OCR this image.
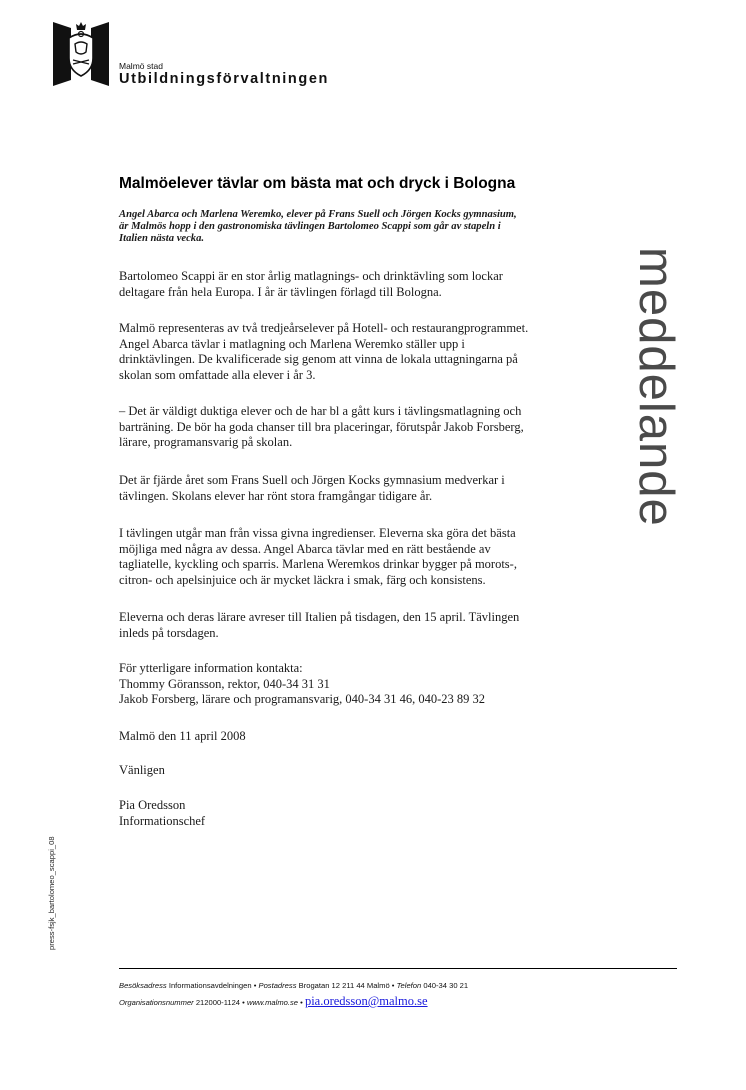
Malmö stad
Utbildningsförvaltningen
Malmöelever tävlar om bästa mat och dryck i Bologna
Angel Abarca och Marlena Weremko, elever på Frans Suell och Jörgen Kocks gymnasium,
är Malmös hopp i den gastronomiska tävlingen Bartolomeo Scappi som går av stapeln i
Italien nästa vecka.
Bartolomeo Scappi är en stor årlig matlagnings- och drinktävling som lockar
deltagare från hela Europa. I år är tävlingen förlagd till Bologna.
Malmö representeras av två tredjeårselever på Hotell- och restaurangprogrammet.
Angel Abarca tävlar i matlagning och Marlena Weremko ställer upp i
drinktävlingen. De kvalificerade sig genom att vinna de lokala uttagningarna på
skolan som omfattade alla elever i år 3.
– Det är väldigt duktiga elever och de har bl a gått kurs i tävlingsmatlagning och
barträning. De bör ha goda chanser till bra placeringar, förutspår Jakob Forsberg,
lärare, programansvarig på skolan.
Det är fjärde året som Frans Suell och Jörgen Kocks gymnasium medverkar i
tävlingen. Skolans elever har rönt stora framgångar tidigare år.
I tävlingen utgår man från vissa givna ingredienser. Eleverna ska göra det bästa
möjliga med några av dessa. Angel Abarca tävlar med en rätt bestående av
tagliatelle, kyckling och sparris. Marlena Weremkos drinkar bygger på morots-,
citron- och apelsinjuice och är mycket läckra i smak, färg och konsistens.
Eleverna och deras lärare avreser till Italien på tisdagen, den 15 april. Tävlingen
inleds på torsdagen.
För ytterligare information kontakta:
Thommy Göransson, rektor, 040-34 31 31
Jakob Forsberg, lärare och programansvarig, 040-34 31 46, 040-23 89 32
Malmö den 11 april 2008
Vänligen
Pia Oredsson
Informationschef
meddelande
press-fsjk_bartolomeo_scappi_08
Besöksadress Informationsavdelningen • Postadress Brogatan 12 211 44 Malmö • Telefon 040-34 30 21
Organisationsnummer 212000-1124 • www.malmo.se • pia.oredsson@malmo.se
